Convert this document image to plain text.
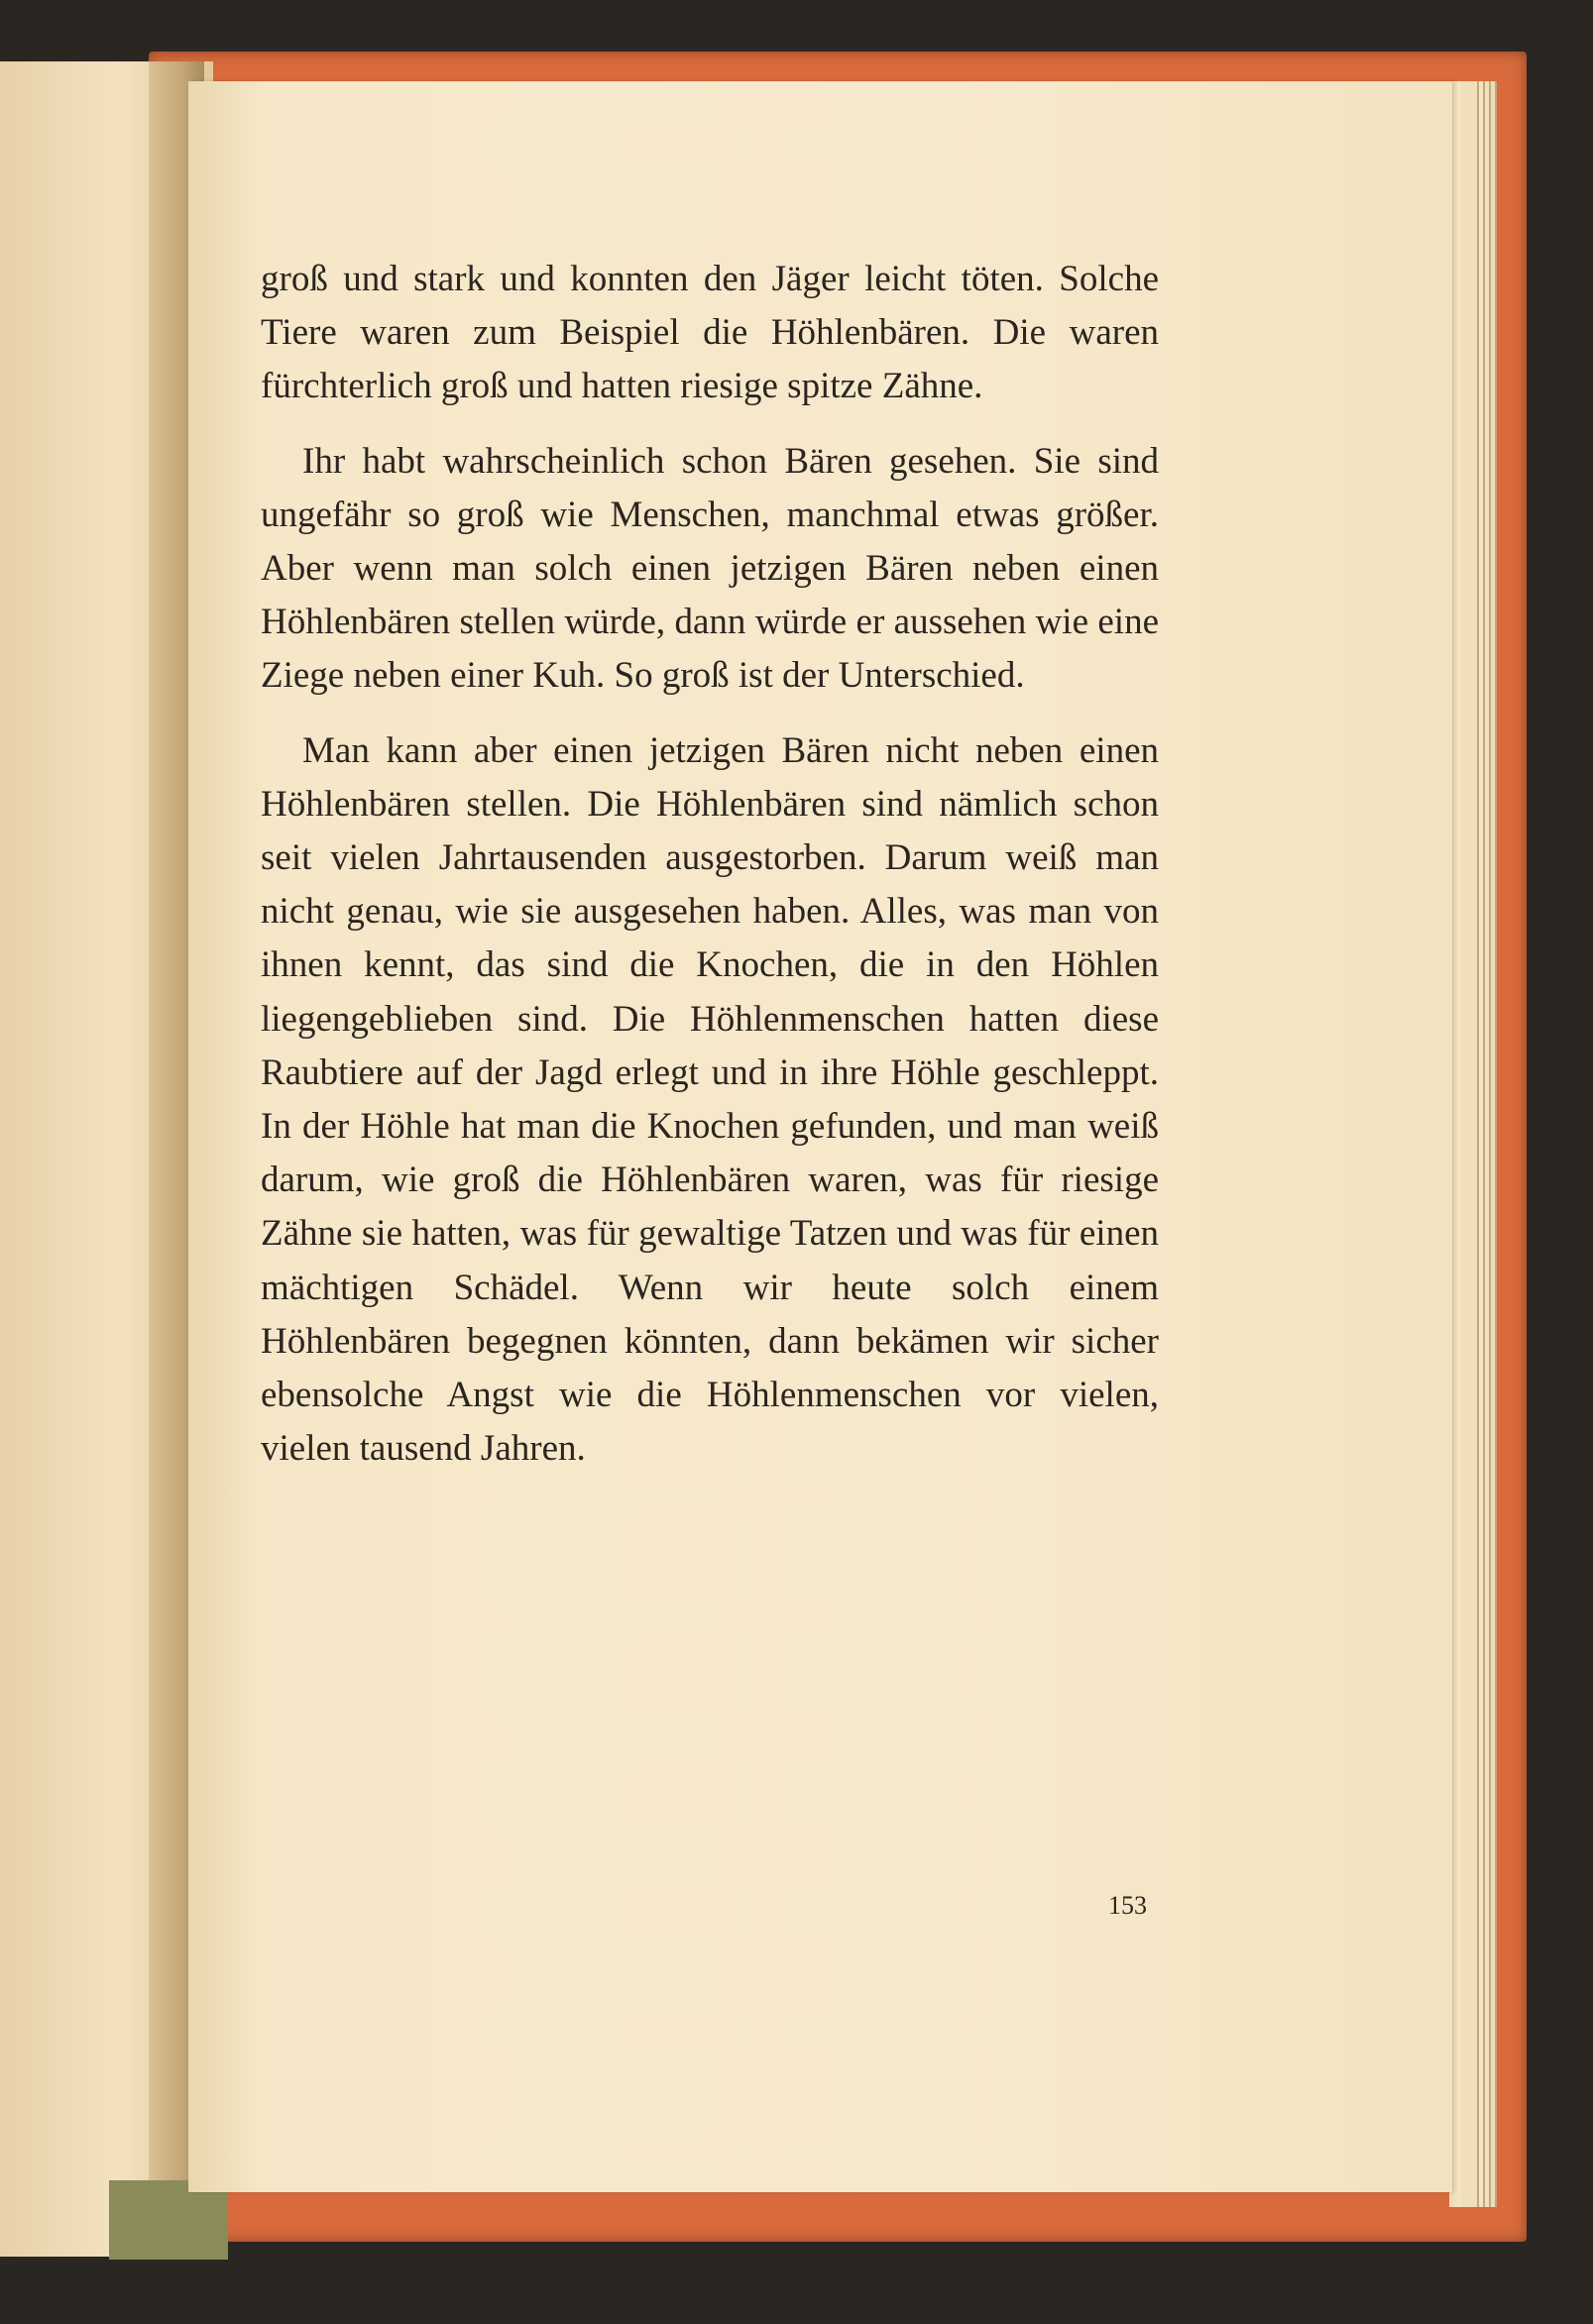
groß und stark und konnten den Jäger leicht töten. Solche Tiere waren zum Beispiel die Höhlenbären. Die waren fürchterlich groß und hatten riesige spitze Zähne.

Ihr habt wahrscheinlich schon Bären gesehen. Sie sind ungefähr so groß wie Menschen, manchmal etwas größer. Aber wenn man solch einen jetzigen Bären neben einen Höhlenbären stellen würde, dann würde er aussehen wie eine Ziege neben einer Kuh. So groß ist der Unterschied.

Man kann aber einen jetzigen Bären nicht neben einen Höhlenbären stellen. Die Höhlenbären sind nämlich schon seit vielen Jahrtausenden ausgestorben. Darum weiß man nicht genau, wie sie ausgesehen haben. Alles, was man von ihnen kennt, das sind die Knochen, die in den Höhlen liegengeblieben sind. Die Höhlenmenschen hatten diese Raubtiere auf der Jagd erlegt und in ihre Höhle geschleppt. In der Höhle hat man die Knochen gefunden, und man weiß darum, wie groß die Höhlenbären waren, was für riesige Zähne sie hatten, was für gewaltige Tatzen und was für einen mächtigen Schädel. Wenn wir heute solch einem Höhlenbären begegnen könnten, dann bekämen wir sicher ebensolche Angst wie die Höhlenmenschen vor vielen, vielen tausend Jahren.

153
